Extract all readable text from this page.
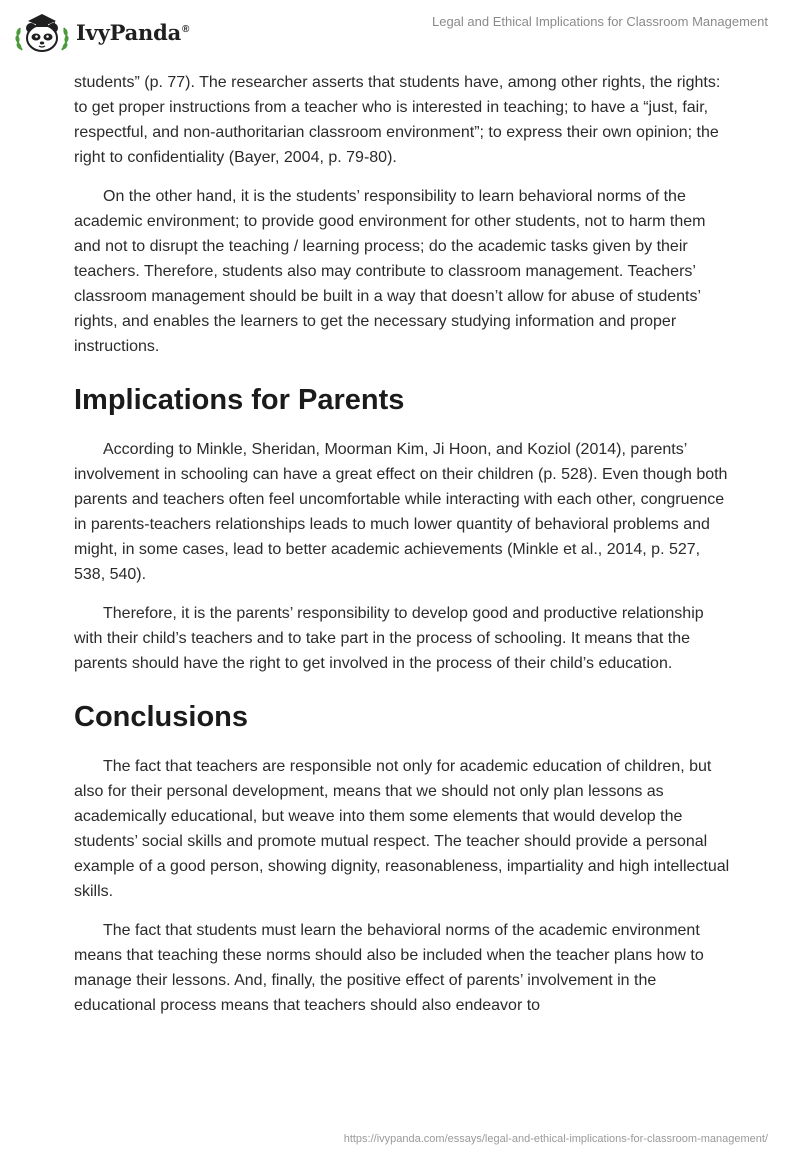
IvyPanda®	Legal and Ethical Implications for Classroom Management

students” (p. 77). The researcher asserts that students have, among other rights, the rights: to get proper instructions from a teacher who is interested in teaching; to have a “just, fair, respectful, and non-authoritarian classroom environment”; to express their own opinion; the right to confidentiality (Bayer, 2004, p. 79-80).

On the other hand, it is the students’ responsibility to learn behavioral norms of the academic environment; to provide good environment for other students, not to harm them and not to disrupt the teaching / learning process; do the academic tasks given by their teachers. Therefore, students also may contribute to classroom management. Teachers’ classroom management should be built in a way that doesn’t allow for abuse of students’ rights, and enables the learners to get the necessary studying information and proper instructions.

Implications for Parents

According to Minkle, Sheridan, Moorman Kim, Ji Hoon, and Koziol (2014), parents’ involvement in schooling can have a great effect on their children (p. 528). Even though both parents and teachers often feel uncomfortable while interacting with each other, congruence in parents-teachers relationships leads to much lower quantity of behavioral problems and might, in some cases, lead to better academic achievements (Minkle et al., 2014, p. 527, 538, 540).

Therefore, it is the parents’ responsibility to develop good and productive relationship with their child’s teachers and to take part in the process of schooling. It means that the parents should have the right to get involved in the process of their child’s education.

Conclusions

The fact that teachers are responsible not only for academic education of children, but also for their personal development, means that we should not only plan lessons as academically educational, but weave into them some elements that would develop the students’ social skills and promote mutual respect. The teacher should provide a personal example of a good person, showing dignity, reasonableness, impartiality and high intellectual skills.

The fact that students must learn the behavioral norms of the academic environment means that teaching these norms should also be included when the teacher plans how to manage their lessons. And, finally, the positive effect of parents’ involvement in the educational process means that teachers should also endeavor to

https://ivypanda.com/essays/legal-and-ethical-implications-for-classroom-management/
